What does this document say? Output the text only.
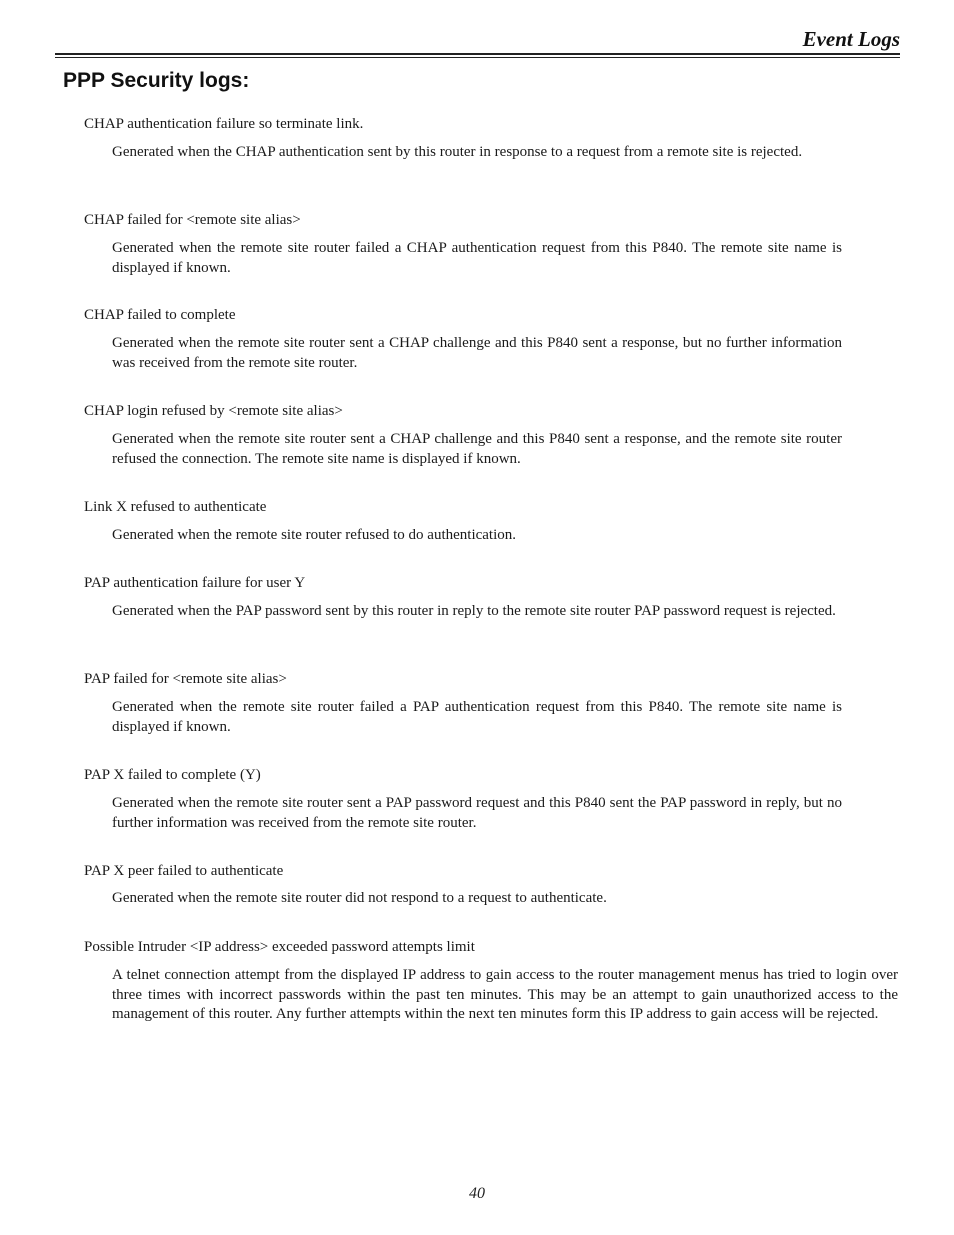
Event Logs
PPP Security logs:
CHAP authentication failure so terminate link.

Generated when the CHAP authentication sent by this router in response to a request from a remote site is rejected.

CHAP failed for <remote site alias>

Generated when the remote site router failed a CHAP authentication request from this P840. The remote site name is displayed if known.

CHAP failed to complete

Generated when the remote site router sent a CHAP challenge and this P840 sent a response, but no further information was received from the remote site router.

CHAP login refused by <remote site alias>

Generated when the remote site router sent a CHAP challenge and this P840 sent a response, and the remote site router refused the connection. The remote site name is displayed if known.

Link X refused to authenticate

Generated when the remote site router refused to do authentication.

PAP authentication failure for user Y

Generated when the PAP password sent by this router in reply to the remote site router PAP password request is rejected.

PAP failed for <remote site alias>

Generated when the remote site router failed a PAP authentication request from this P840. The remote site name is displayed if known.

PAP X failed to complete (Y)

Generated when the remote site router sent a PAP password request and this P840 sent the PAP password in reply, but no further information was received from the remote site router.

PAP X peer failed to authenticate

Generated when the remote site router did not respond to a request to authenticate.

Possible Intruder <IP address> exceeded password attempts limit

A telnet connection attempt from the displayed IP address to gain access to the router management menus has tried to login over three times with incorrect passwords within the past ten minutes. This may be an attempt to gain unauthorized access to the management of this router. Any further attempts within the next ten minutes form this IP address to gain access will be rejected.

40
